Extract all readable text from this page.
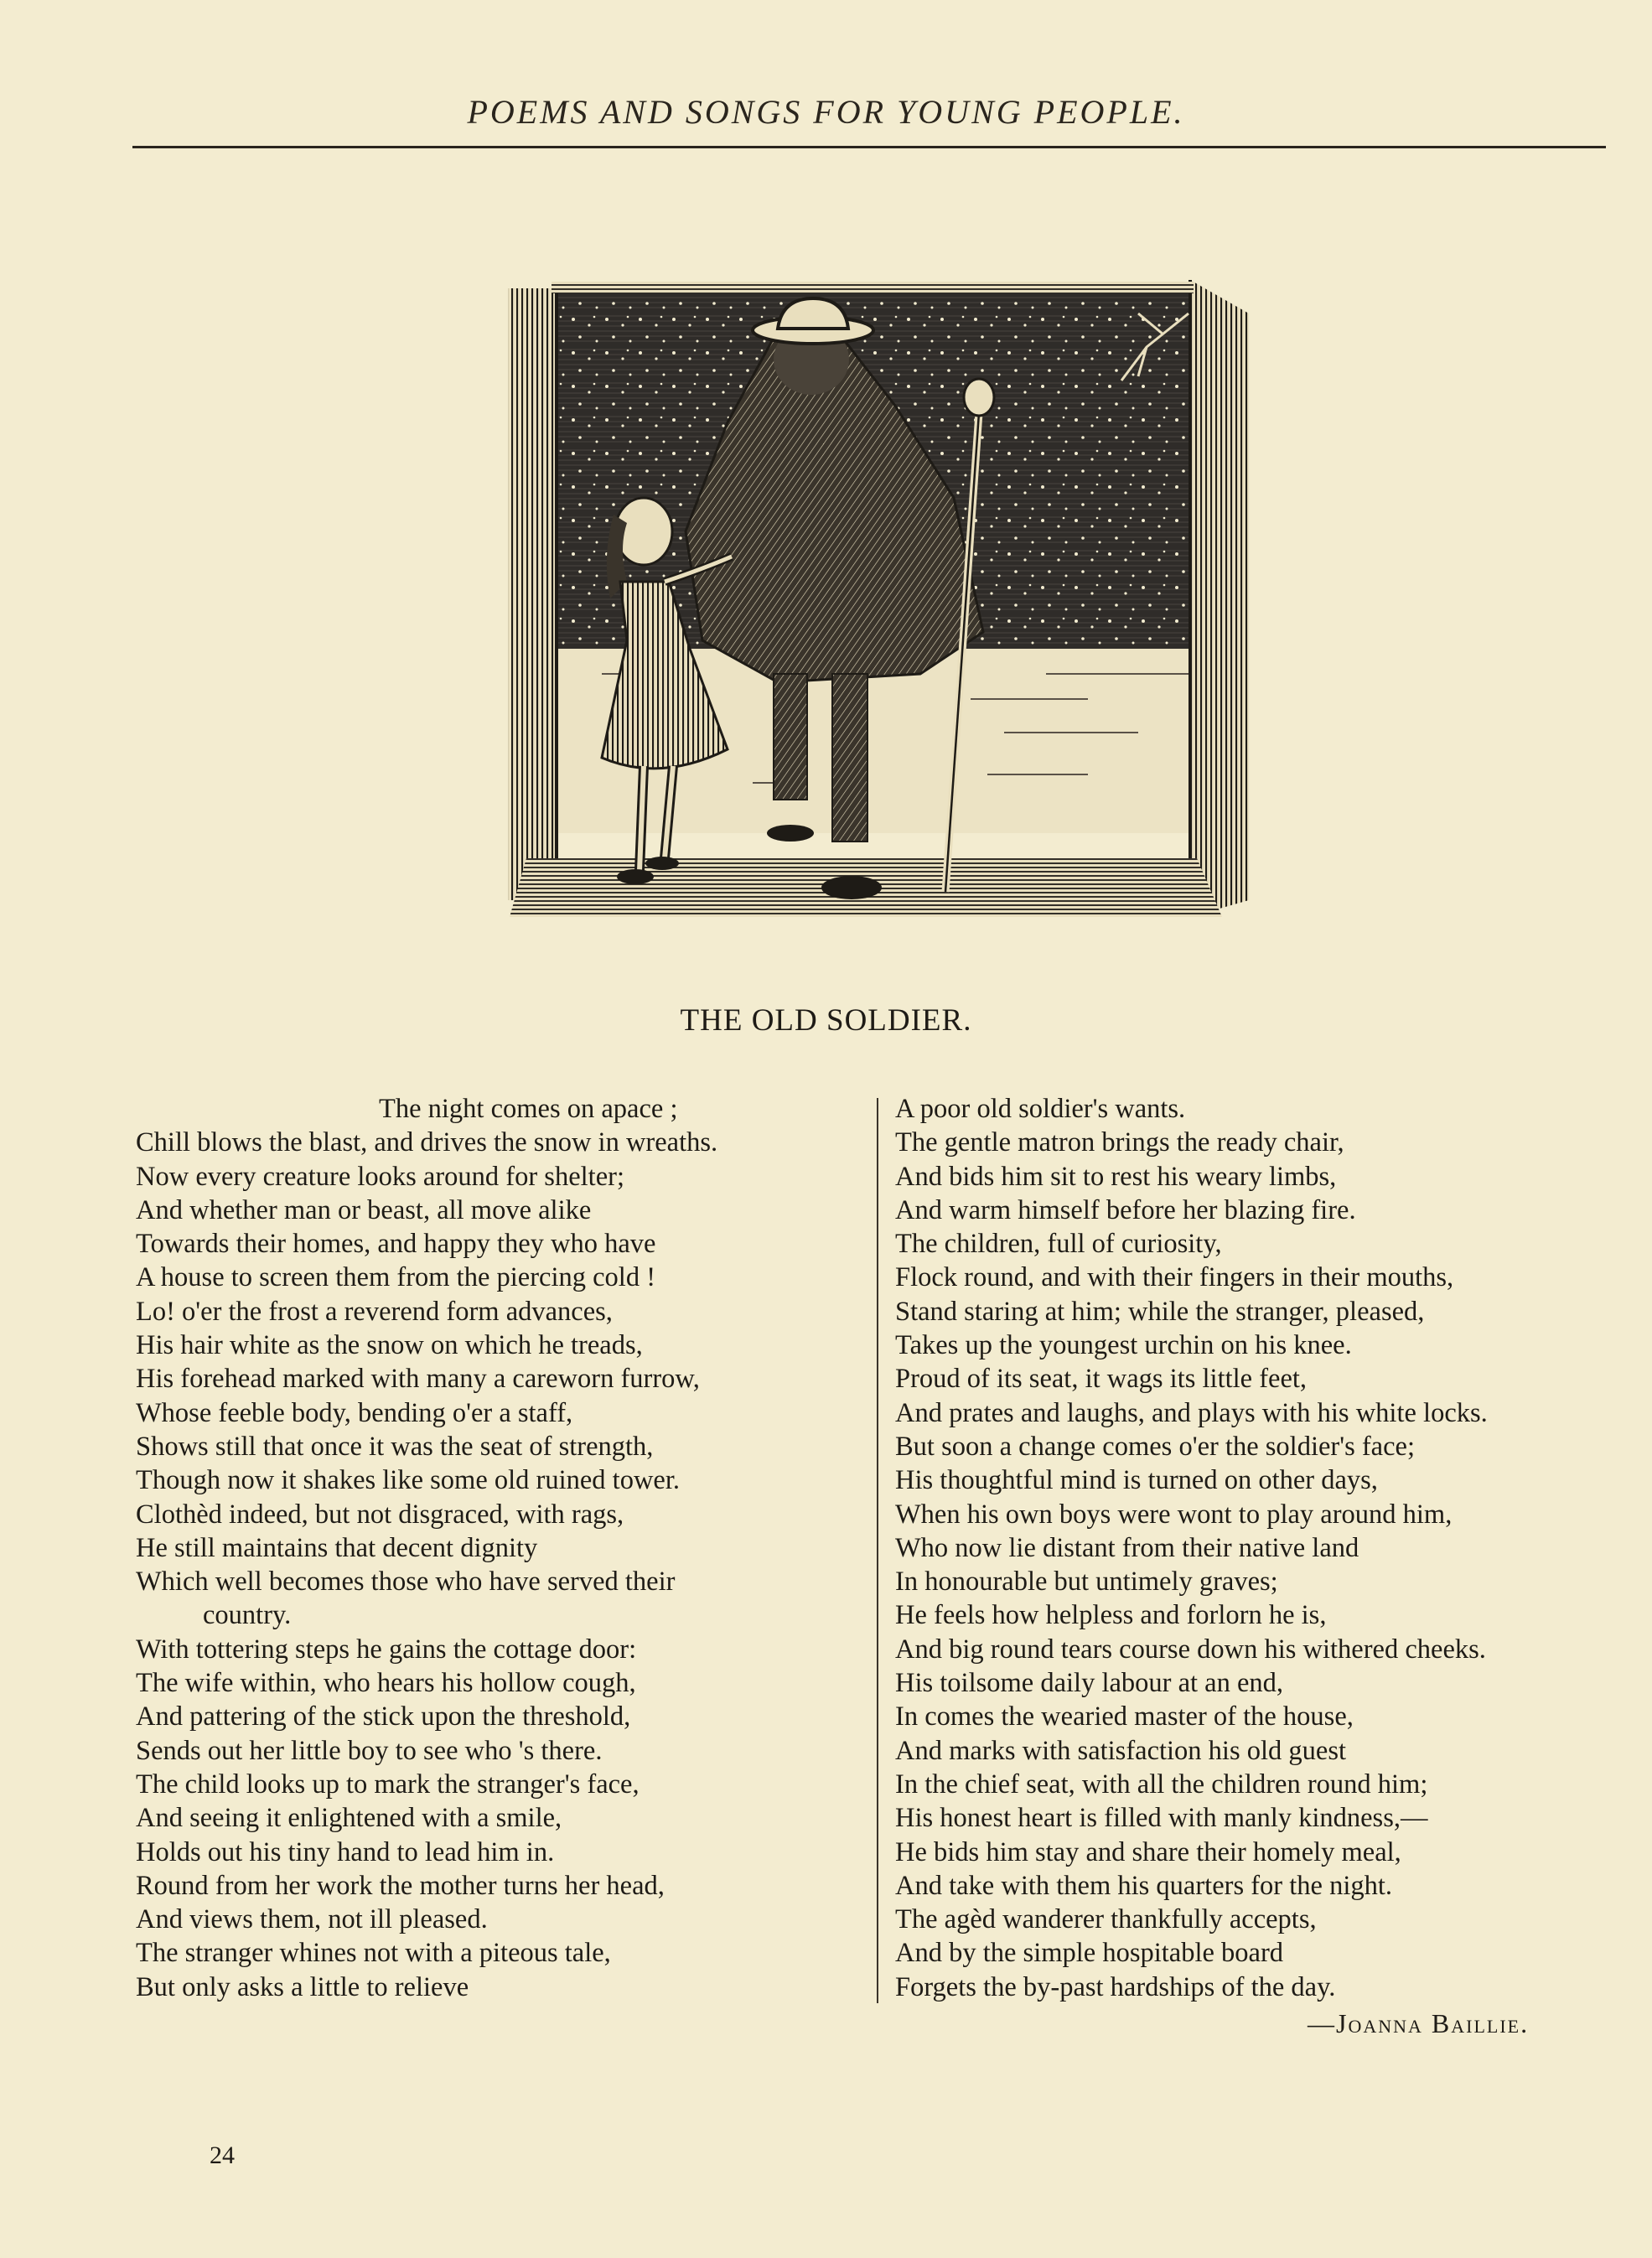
POEMS AND SONGS FOR YOUNG PEOPLE.
THE OLD SOLDIER.
The night comes on apace ;
Chill blows the blast, and drives the snow in wreaths.
Now every creature looks around for shelter;
And whether man or beast, all move alike
Towards their homes, and happy they who have
A house to screen them from the piercing cold !
Lo! o'er the frost a reverend form advances,
His hair white as the snow on which he treads,
His forehead marked with many a careworn furrow,
Whose feeble body, bending o'er a staff,
Shows still that once it was the seat of strength,
Though now it shakes like some old ruined tower.
Clothèd indeed, but not disgraced, with rags,
He still maintains that decent dignity
Which well becomes those who have served their
country.
With tottering steps he gains the cottage door:
The wife within, who hears his hollow cough,
And pattering of the stick upon the threshold,
Sends out her little boy to see who 's there.
The child looks up to mark the stranger's face,
And seeing it enlightened with a smile,
Holds out his tiny hand to lead him in.
Round from her work the mother turns her head,
And views them, not ill pleased.
The stranger whines not with a piteous tale,
But only asks a little to relieve
A poor old soldier's wants.
The gentle matron brings the ready chair,
And bids him sit to rest his weary limbs,
And warm himself before her blazing fire.
The children, full of curiosity,
Flock round, and with their fingers in their mouths,
Stand staring at him; while the stranger, pleased,
Takes up the youngest urchin on his knee.
Proud of its seat, it wags its little feet,
And prates and laughs, and plays with his white locks.
But soon a change comes o'er the soldier's face;
His thoughtful mind is turned on other days,
When his own boys were wont to play around him,
Who now lie distant from their native land
In honourable but untimely graves;
He feels how helpless and forlorn he is,
And big round tears course down his withered cheeks.
His toilsome daily labour at an end,
In comes the wearied master of the house,
And marks with satisfaction his old guest
In the chief seat, with all the children round him;
His honest heart is filled with manly kindness,—
He bids him stay and share their homely meal,
And take with them his quarters for the night.
The agèd wanderer thankfully accepts,
And by the simple hospitable board
Forgets the by-past hardships of the day.
—Joanna Baillie.
24
